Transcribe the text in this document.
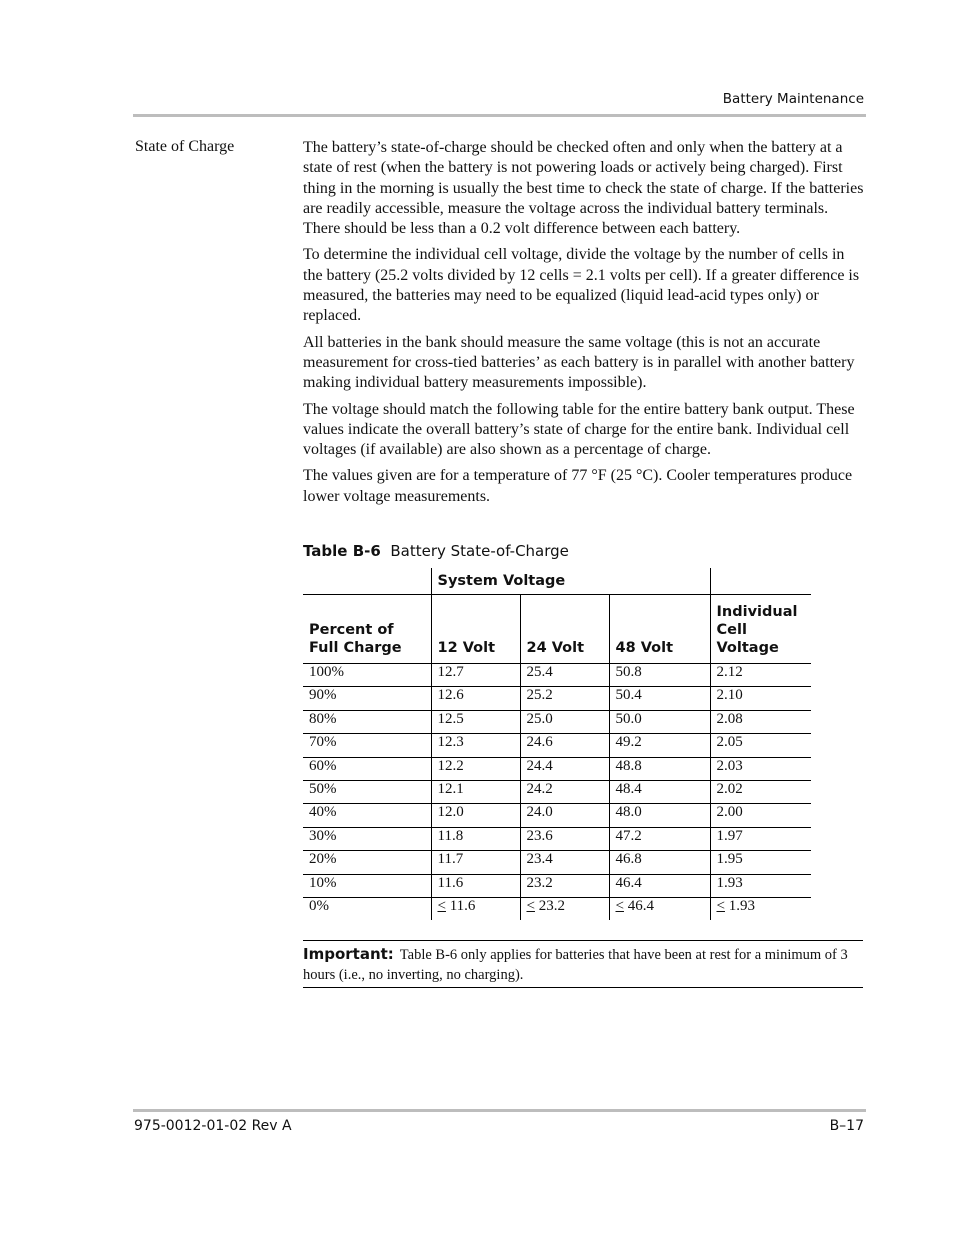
Battery Maintenance
State of Charge	The battery’s state-of-charge should be checked often and only when the battery at a state of rest (when the battery is not powering loads or actively being charged). First thing in the morning is usually the best time to check the state of charge. If the batteries are readily accessible, measure the voltage across the individual battery terminals. There should be less than a 0.2 volt difference between each battery.

To determine the individual cell voltage, divide the voltage by the number of cells in the battery (25.2 volts divided by 12 cells = 2.1 volts per cell). If a greater difference is measured, the batteries may need to be equalized (liquid lead-acid types only) or replaced.

All batteries in the bank should measure the same voltage (this is not an accurate measurement for cross-tied batteries’ as each battery is in parallel with another battery making individual battery measurements impossible).

The voltage should match the following table for the entire battery bank output. These values indicate the overall battery’s state of charge for the entire bank. Individual cell voltages (if available) are also shown as a percentage of charge.

The values given are for a temperature of 77 °F (25 °C). Cooler temperatures produce lower voltage measurements.

Table B-6 Battery State-of-Charge
	System Voltage			
Percent of Full Charge	12 Volt	24 Volt	48 Volt	Individual Cell Voltage
100%	12.7	25.4	50.8	2.12
90%	12.6	25.2	50.4	2.10
80%	12.5	25.0	50.0	2.08
70%	12.3	24.6	49.2	2.05
60%	12.2	24.4	48.8	2.03
50%	12.1	24.2	48.4	2.02
40%	12.0	24.0	48.0	2.00
30%	11.8	23.6	47.2	1.97
20%	11.7	23.4	46.8	1.95
10%	11.6	23.2	46.4	1.93
0%	≤ 11.6	≤ 23.2	≤ 46.4	≤ 1.93
Important: Table B-6 only applies for batteries that have been at rest for a minimum of 3 hours (i.e., no inverting, no charging).
975-0012-01-02 Rev A	B–17
